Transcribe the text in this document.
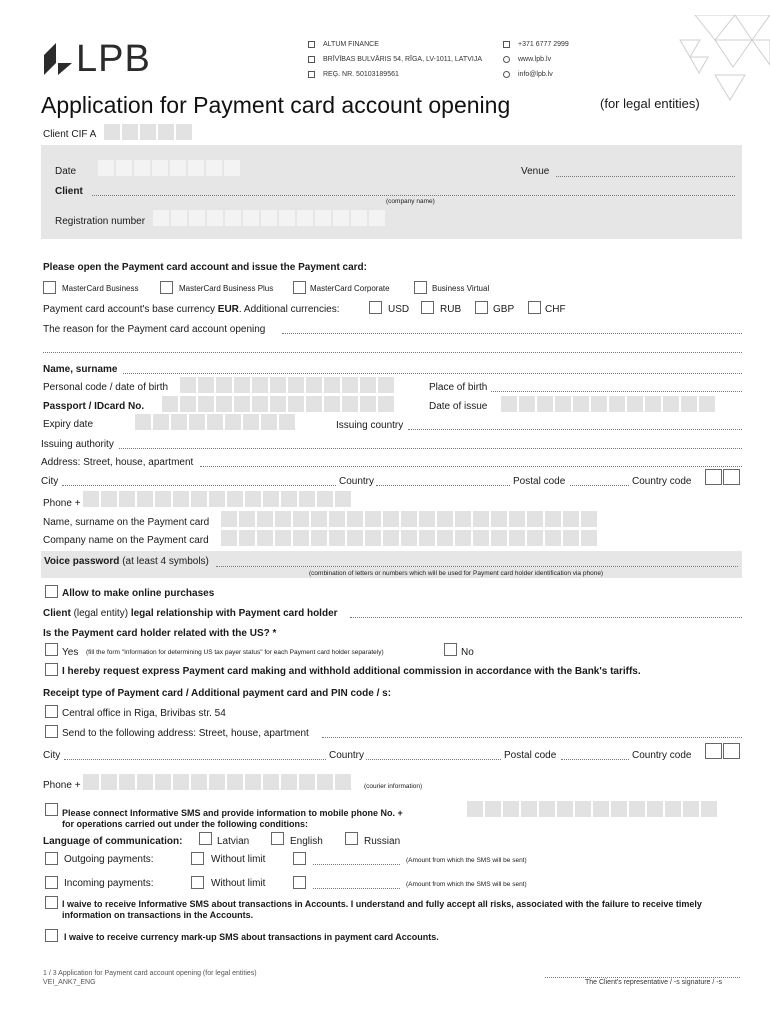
LPB	ALTUM FINANCE
BRĪVĪBAS BULVĀRIS 54, RĪGA, LV-1011, LATVIJA
REĢ. NR. 50103189561
+371 6777 2999
www.lpb.lv
info@lpb.lv
Application for Payment card account opening	(for legal entities)
Client CIF A
Date	Venue
Client
(company name)
Registration number
Please open the Payment card account and issue the Payment card:
MasterCard Business	MasterCard Business Plus	MasterCard Corporate	Business Virtual
Payment card account's base currency EUR. Additional currencies:	USD	RUB	GBP	CHF
The reason for the Payment card account opening
Name, surname
Personal code / date of birth	Place of birth
Passport / IDcard No.	Date of issue
Expiry date	Issuing country
Issuing authority
Address: Street, house, apartment
City	Country	Postal code	Country code
Phone +
Name, surname on the Payment card
Company name on the Payment card
Voice password (at least 4 symbols)
(combination of letters or numbers which will be used for Payment card holder identification via phone)
Allow to make online purchases
Client (legal entity) legal relationship with Payment card holder
Is the Payment card holder related with the US? *
Yes (fill the form "Information for determining US tax payer status" for each Payment card holder separately)	No
I hereby request express Payment card making and withhold additional commission in accordance with the Bank's tariffs.
Receipt type of Payment card / Additional payment card and PIN code / s:
Central office in Riga, Brivibas str. 54
Send to the following address: Street, house, apartment
City	Country	Postal code	Country code
Phone +	(courier information)
Please connect Informative SMS and provide information to mobile phone No. +
for operations carried out under the following conditions:
Language of communication:	Latvian	English	Russian
Outgoing payments:	Without limit	(Amount from which the SMS will be sent)
Incoming payments:	Without limit	(Amount from which the SMS will be sent)
I waive to receive Informative SMS about transactions in Accounts. I understand and fully accept all risks, associated with the failure to receive timely information on transactions in the Accounts.
I waive to receive currency mark-up SMS about transactions in payment card Accounts.
1 / 3 Application for Payment card account opening (for legal entities)
VEI_ANK7_ENG	The Client's representative / -s signature / -s
